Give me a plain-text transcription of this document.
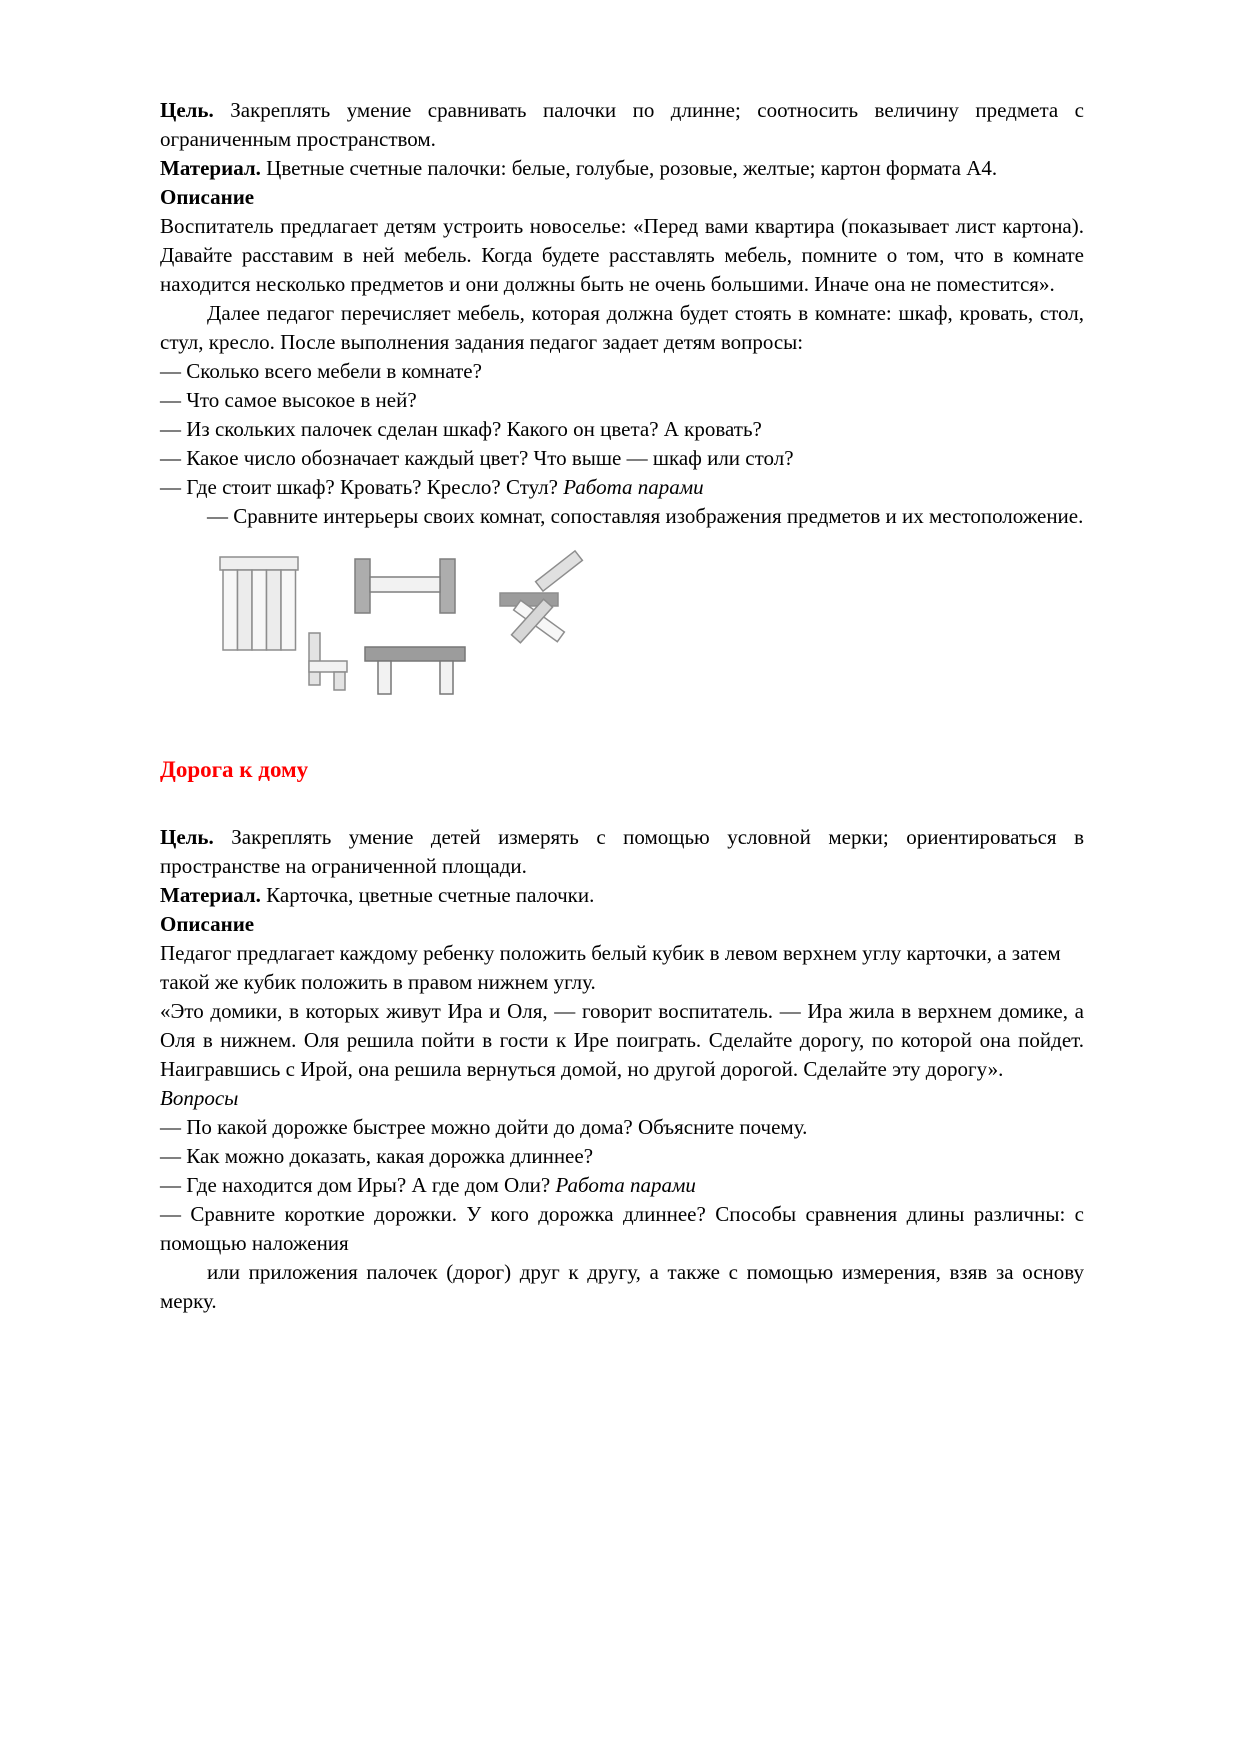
Цель. Закреплять умение сравнивать палочки по длинне; соотносить величину предмета с ограниченным пространством.

Материал. Цветные счетные палочки: белые, голубые, розовые, желтые; картон формата А4.

Описание

Воспитатель предлагает детям устроить новоселье: «Перед вами квартира (показывает лист картона). Давайте расставим в ней мебель. Когда будете расставлять мебель, помните о том, что в комнате находится несколько предметов и они должны быть не очень большими. Иначе она не поместится».

Далее педагог перечисляет мебель, которая должна будет стоять в комнате: шкаф, кровать, стол, стул, кресло. После выполнения задания педагог задает детям вопросы:

— Сколько всего мебели в комнате?

— Что самое высокое в ней?

— Из скольких палочек сделан шкаф? Какого он цвета? А кровать?

— Какое число обозначает каждый цвет? Что выше — шкаф или стол?

— Где стоит шкаф? Кровать? Кресло? Стул? Работа парами

— Сравните интерьеры своих комнат, сопоставляя изображения предметов и их местоположение.

Дорога к дому

Цель. Закреплять умение детей измерять с помощью условной мерки; ориентироваться в пространстве на ограниченной площади.

Материал. Карточка, цветные счетные палочки.

Описание

Педагог предлагает каждому ребенку положить белый кубик в левом верхнем углу карточки, а затем такой же кубик положить в правом нижнем углу.

«Это домики, в которых живут Ира и Оля, — говорит воспитатель. — Ира жила в верхнем домике, а Оля в нижнем. Оля решила пойти в гости к Ире поиграть. Сделайте дорогу, по которой она пойдет. Наигравшись с Ирой, она решила вернуться домой, но другой дорогой. Сделайте эту дорогу».

Вопросы

— По какой дорожке быстрее можно дойти до дома? Объясните почему.

— Как можно доказать, какая дорожка длиннее?

— Где находится дом Иры? А где дом Оли? Работа парами

— Сравните короткие дорожки. У кого дорожка длиннее? Способы сравнения длины различны: с помощью наложения

или приложения палочек (дорог) друг к другу, а также с помощью измерения, взяв за основу мерку.
